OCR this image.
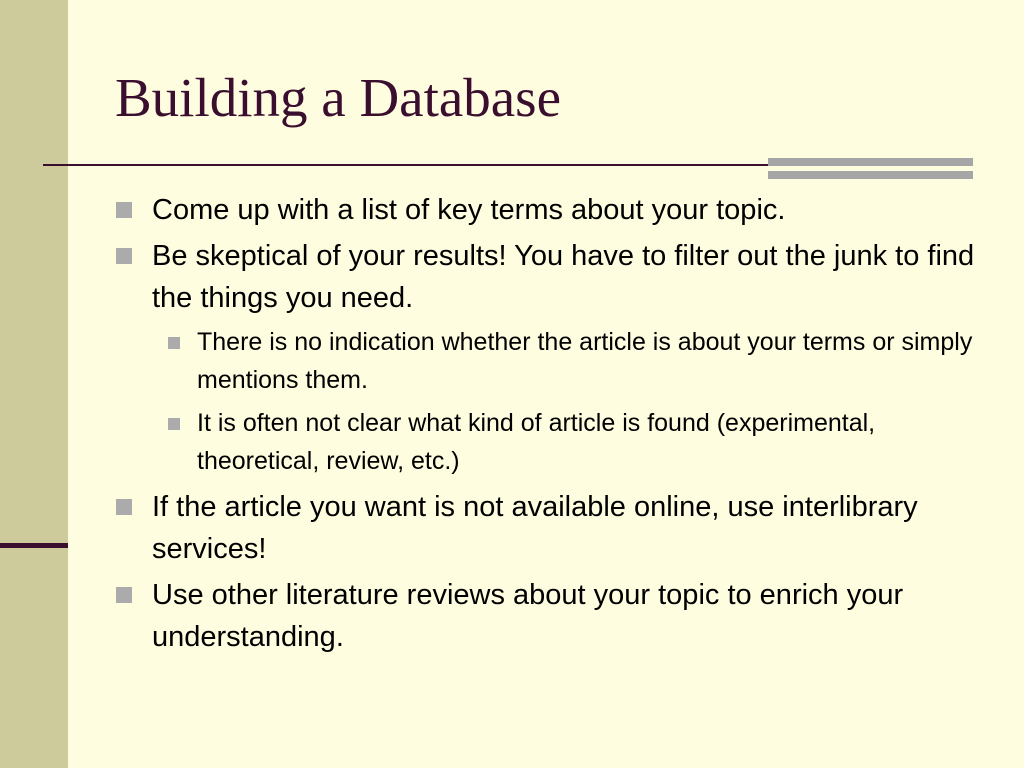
Building a Database
Come up with a list of key terms about your topic.
Be skeptical of your results! You have to filter out the junk to find the things you need.
There is no indication whether the article is about your terms or simply mentions them.
It is often not clear what kind of article is found (experimental, theoretical, review, etc.)
If the article you want is not available online, use interlibrary services!
Use other literature reviews about your topic to enrich your understanding.
